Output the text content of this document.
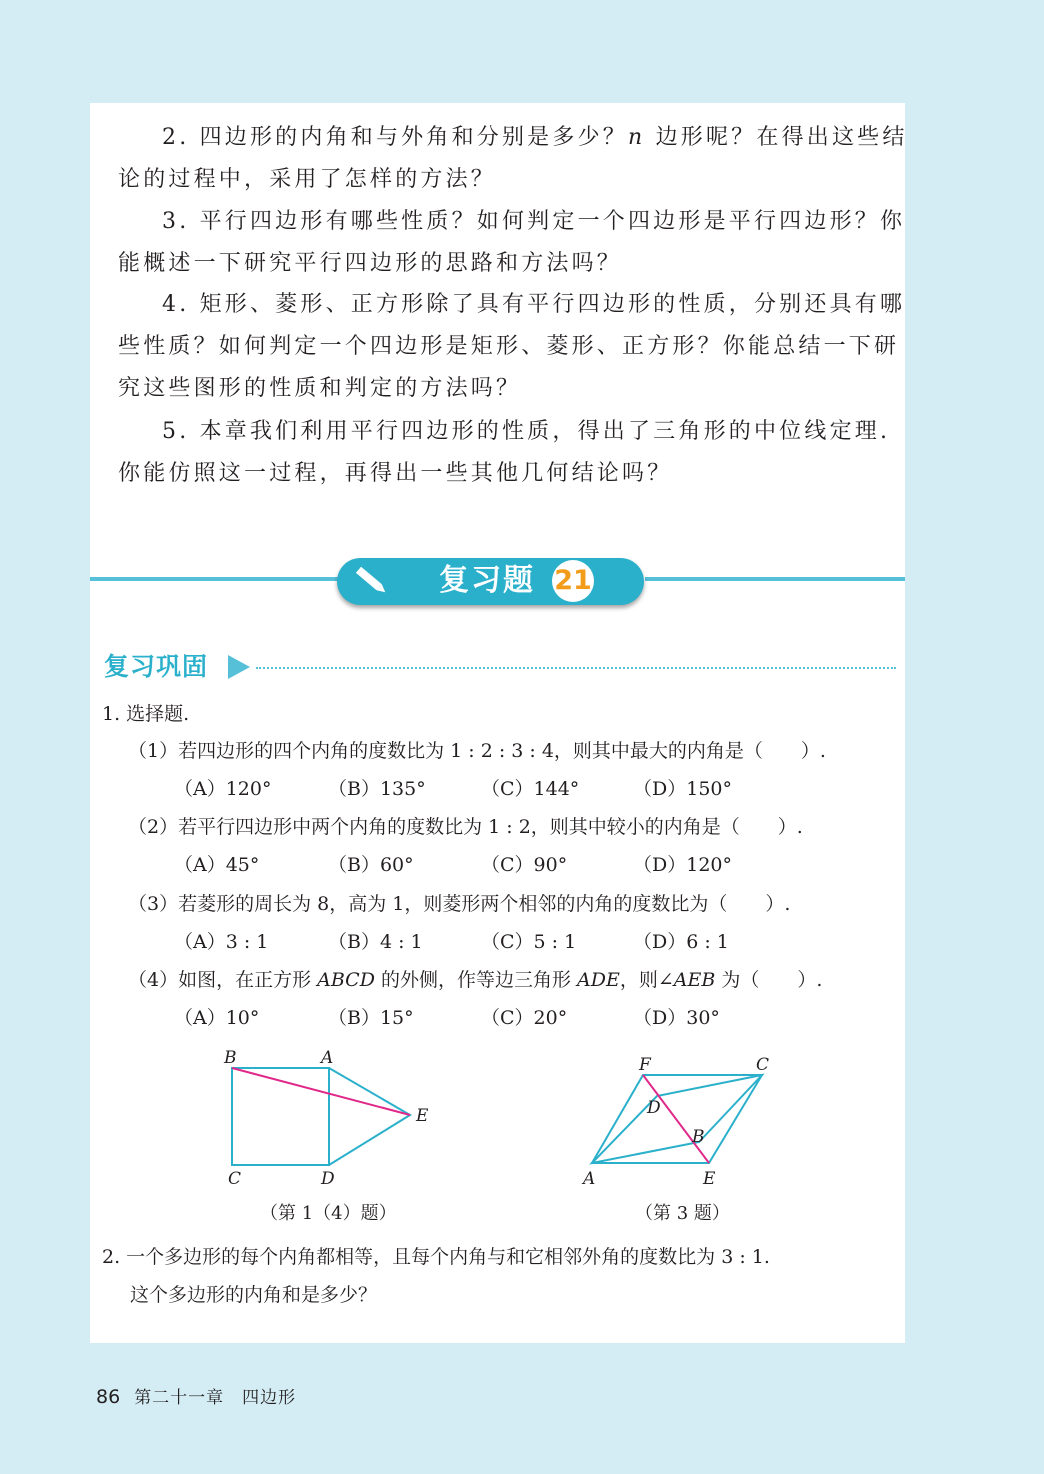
2. 四边形的内角和与外角和分别是多少？n 边形呢？在得出这些结
论的过程中，采用了怎样的方法？
3. 平行四边形有哪些性质？如何判定一个四边形是平行四边形？你
能概述一下研究平行四边形的思路和方法吗？
4. 矩形、菱形、正方形除了具有平行四边形的性质，分别还具有哪
些性质？如何判定一个四边形是矩形、菱形、正方形？你能总结一下研
究这些图形的性质和判定的方法吗？
5. 本章我们利用平行四边形的性质，得出了三角形的中位线定理.
你能仿照这一过程，再得出一些其他几何结论吗？
复习题 21
复习巩固
1. 选择题.
（1）若四边形的四个内角的度数比为 1 : 2 : 3 : 4，则其中最大的内角是（　　）.
（A）120°	（B）135°	（C）144°	（D）150°
（2）若平行四边形中两个内角的度数比为 1 : 2，则其中较小的内角是（　　）.
（A）45°	（B）60°	（C）90°	（D）120°
（3）若菱形的周长为 8，高为 1，则菱形两个相邻的内角的度数比为（　　）.
（A）3 : 1	（B）4 : 1	（C）5 : 1	（D）6 : 1
（4）如图，在正方形 ABCD 的外侧，作等边三角形 ADE，则∠AEB 为（　　）.
（A）10°	（B）15°	（C）20°	（D）30°
B	A
E
C	D
（第 1（4）题）
F	C
D
B
A	E
（第 3 题）
2. 一个多边形的每个内角都相等，且每个内角与和它相邻外角的度数比为 3 : 1.
这个多边形的内角和是多少？
86 第二十一章　四边形
